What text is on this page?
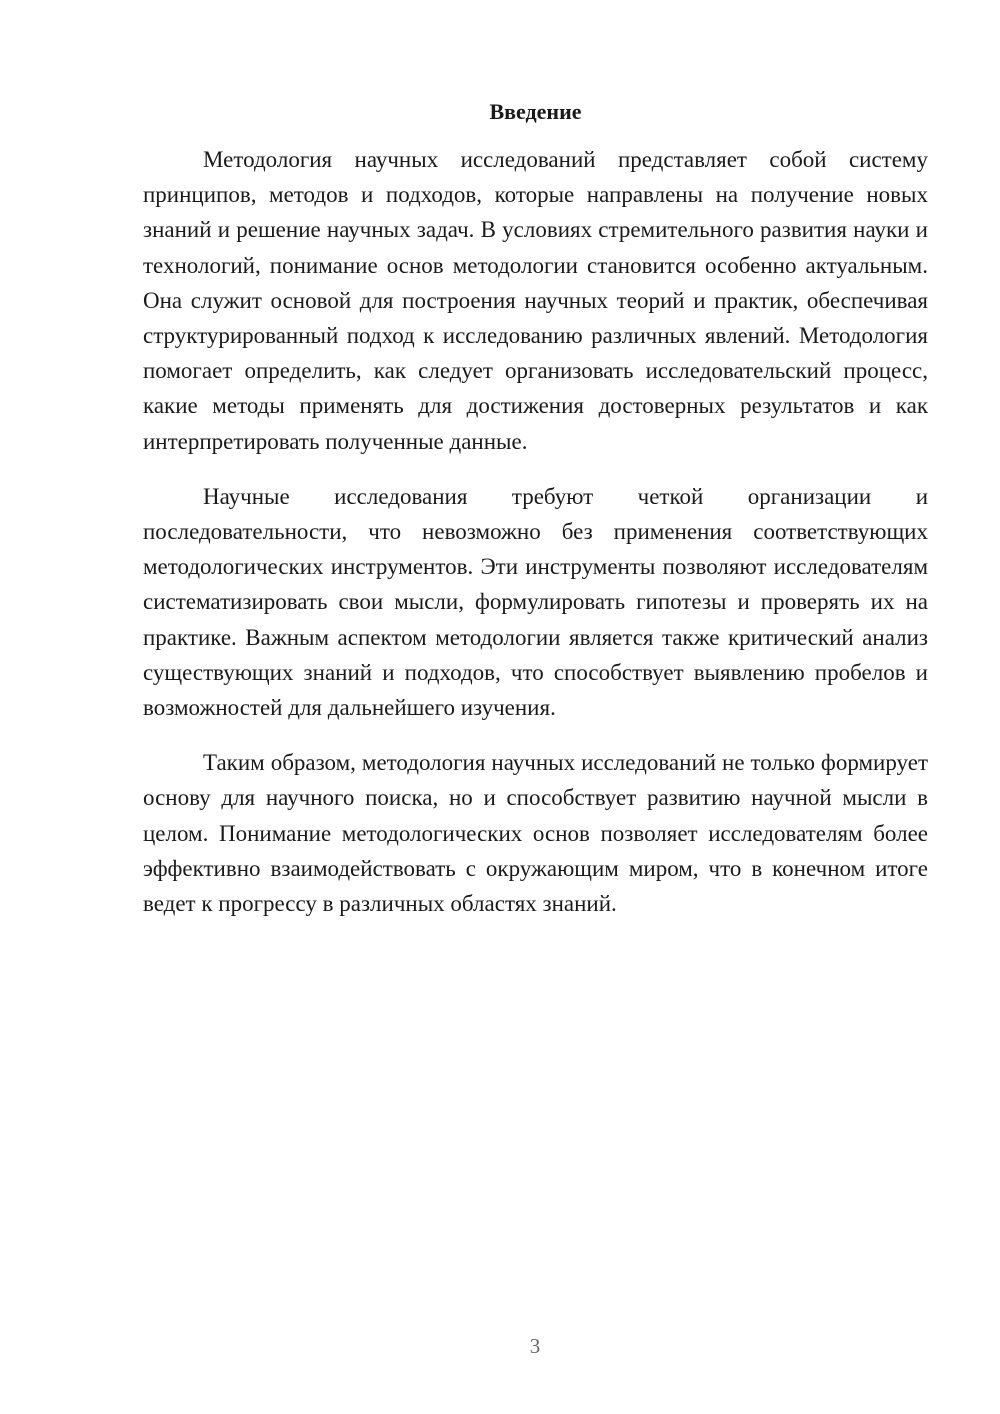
Введение

Методология научных исследований представляет собой систему принципов, методов и подходов, которые направлены на получение новых знаний и решение научных задач. В условиях стремительного развития науки и технологий, понимание основ методологии становится особенно актуальным. Она служит основой для построения научных теорий и практик, обеспечивая структурированный подход к исследованию различных явлений. Методология помогает определить, как следует организовать исследовательский процесс, какие методы применять для достижения достоверных результатов и как интерпретировать полученные данные.

Научные исследования требуют четкой организации и последовательности, что невозможно без применения соответствующих методологических инструментов. Эти инструменты позволяют исследователям систематизировать свои мысли, формулировать гипотезы и проверять их на практике. Важным аспектом методологии является также критический анализ существующих знаний и подходов, что способствует выявлению пробелов и возможностей для дальнейшего изучения.

Таким образом, методология научных исследований не только формирует основу для научного поиска, но и способствует развитию научной мысли в целом. Понимание методологических основ позволяет исследователям более эффективно взаимодействовать с окружающим миром, что в конечном итоге ведет к прогрессу в различных областях знаний.

3
